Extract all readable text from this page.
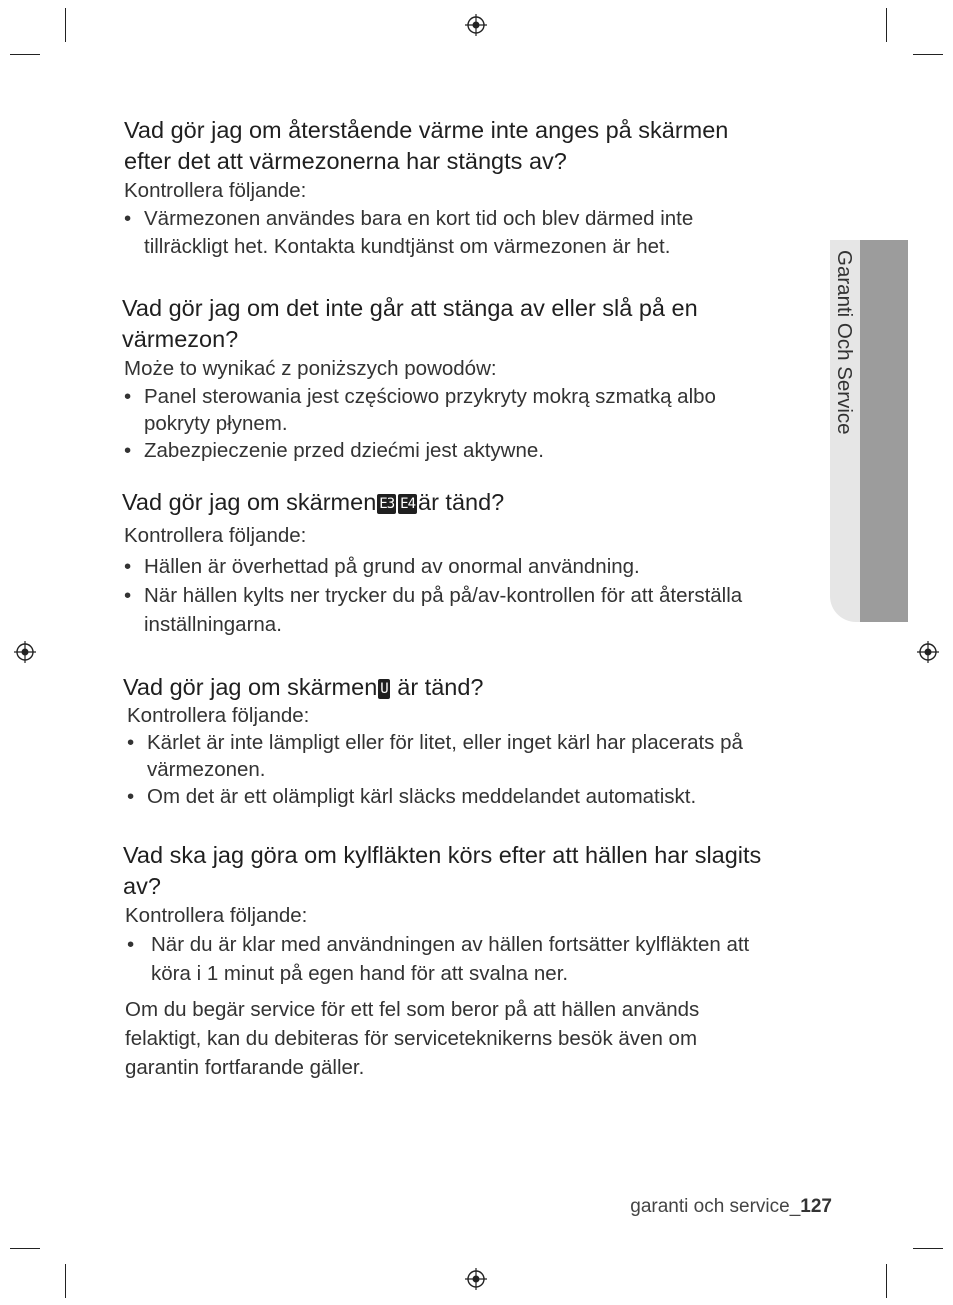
Garanti Och Service

Vad gör jag om återstående värme inte anges på skärmen
efter det att värmezonerna har stängts av?

Kontrollera följande:

• Värmezonen användes bara en kort tid och blev därmed inte
tillräckligt het. Kontakta kundtjänst om värmezonen är het.

Vad gör jag om det inte går att stänga av eller slå på en
värmezon?

Może to wynikać z poniższych powodów:

• Panel sterowania jest częściowo przykryty mokrą szmatką albo
pokryty płynem.

• Zabezpieczenie przed dziećmi jest aktywne.

Vad gör jag om skärmen E3 E4 är tänd?

Kontrollera följande:

• Hällen är överhettad på grund av onormal användning.

• När hällen kylts ner trycker du på på/av-kontrollen för att återställa
inställningarna.

Vad gör jag om skärmen U är tänd?

Kontrollera följande:

• Kärlet är inte lämpligt eller för litet, eller inget kärl har placerats på
värmezonen.

• Om det är ett olämpligt kärl släcks meddelandet automatiskt.

Vad ska jag göra om kylfläkten körs efter att hällen har slagits
av?

Kontrollera följande:

• När du är klar med användningen av hällen fortsätter kylfläkten att
köra i 1 minut på egen hand för att svalna ner.

Om du begär service för ett fel som beror på att hällen används
felaktigt, kan du debiteras för serviceteknikerns besök även om
garantin fortfarande gäller.

garanti och service_127
